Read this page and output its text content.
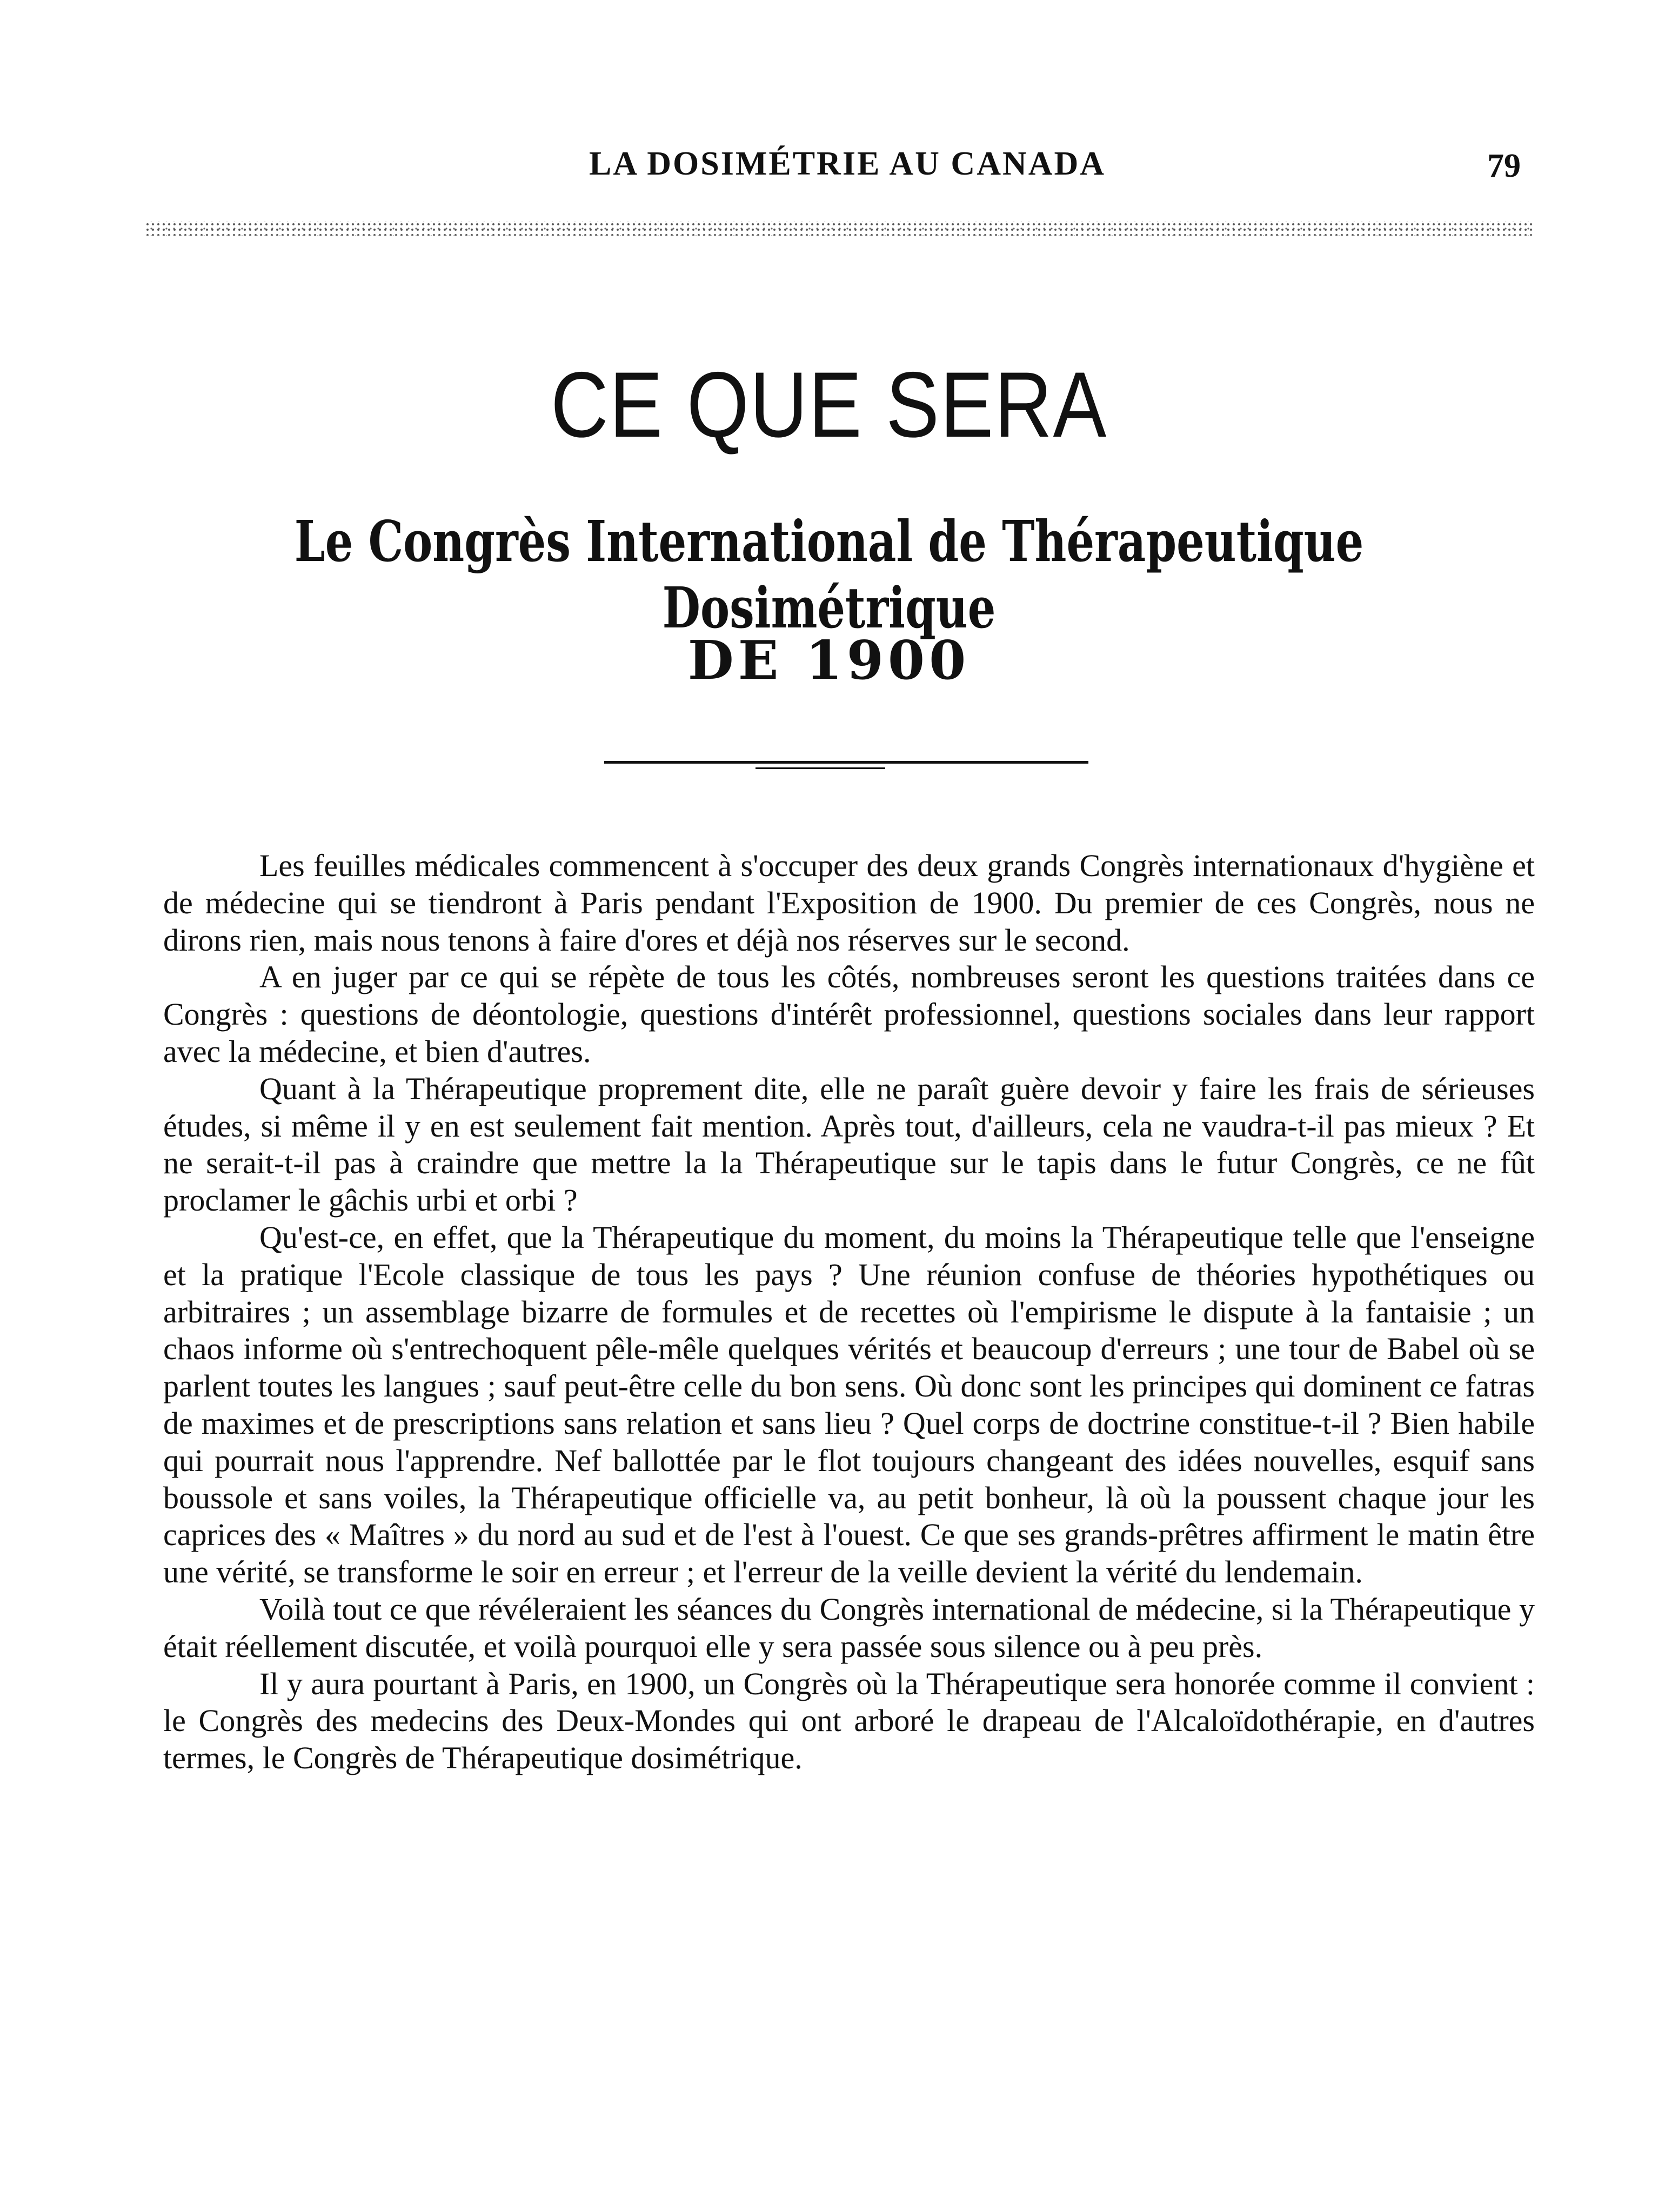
LA DOSIMÉTRIE AU CANADA	79
CE QUE SERA
Le Congrès International de Thérapeutique Dosimétrique
DE 1900

Les feuilles médicales commencent à s'occuper des deux grands Congrès internationaux d'hygiène et de médecine qui se tiendront à Paris pendant l'Exposition de 1900. Du premier de ces Congrès, nous ne dirons rien, mais nous tenons à faire d'ores et déjà nos réserves sur le second.

A en juger par ce qui se répète de tous les côtés, nombreuses seront les questions traitées dans ce Congrès : questions de déontologie, questions d'intérêt professionnel, questions sociales dans leur rapport avec la médecine, et bien d'autres.

Quant à la Thérapeutique proprement dite, elle ne paraît guère devoir y faire les frais de sérieuses études, si même il y en est seulement fait mention. Après tout, d'ailleurs, cela ne vaudra-t-il pas mieux ? Et ne serait-t-il pas à craindre que mettre la la Thérapeutique sur le tapis dans le futur Congrès, ce ne fût proclamer le gâchis urbi et orbi ?

Qu'est-ce, en effet, que la Thérapeutique du moment, du moins la Thérapeutique telle que l'enseigne et la pratique l'Ecole classique de tous les pays ? Une réunion confuse de théories hypothétiques ou arbitraires ; un assemblage bizarre de formules et de recettes où l'empirisme le dispute à la fantaisie ; un chaos informe où s'entrechoquent pêle-mêle quelques vérités et beaucoup d'erreurs ; une tour de Babel où se parlent toutes les langues ; sauf peut-être celle du bon sens. Où donc sont les principes qui dominent ce fatras de maximes et de prescriptions sans relation et sans lieu ? Quel corps de doctrine constitue-t-il ? Bien habile qui pourrait nous l'apprendre. Nef ballottée par le flot toujours changeant des idées nouvelles, esquif sans boussole et sans voiles, la Thérapeutique officielle va, au petit bonheur, là où la poussent chaque jour les caprices des « Maîtres » du nord au sud et de l'est à l'ouest. Ce que ses grands-prêtres affirment le matin être une vérité, se transforme le soir en erreur ; et l'erreur de la veille devient la vérité du lendemain.

Voilà tout ce que révéleraient les séances du Congrès international de médecine, si la Thérapeutique y était réellement discutée, et voilà pourquoi elle y sera passée sous silence ou à peu près.

Il y aura pourtant à Paris, en 1900, un Congrès où la Thérapeutique sera honorée comme il convient : le Congrès des medecins des Deux-Mondes qui ont arboré le drapeau de l'Alcaloïdothérapie, en d'autres termes, le Congrès de Thérapeutique dosimétrique.
